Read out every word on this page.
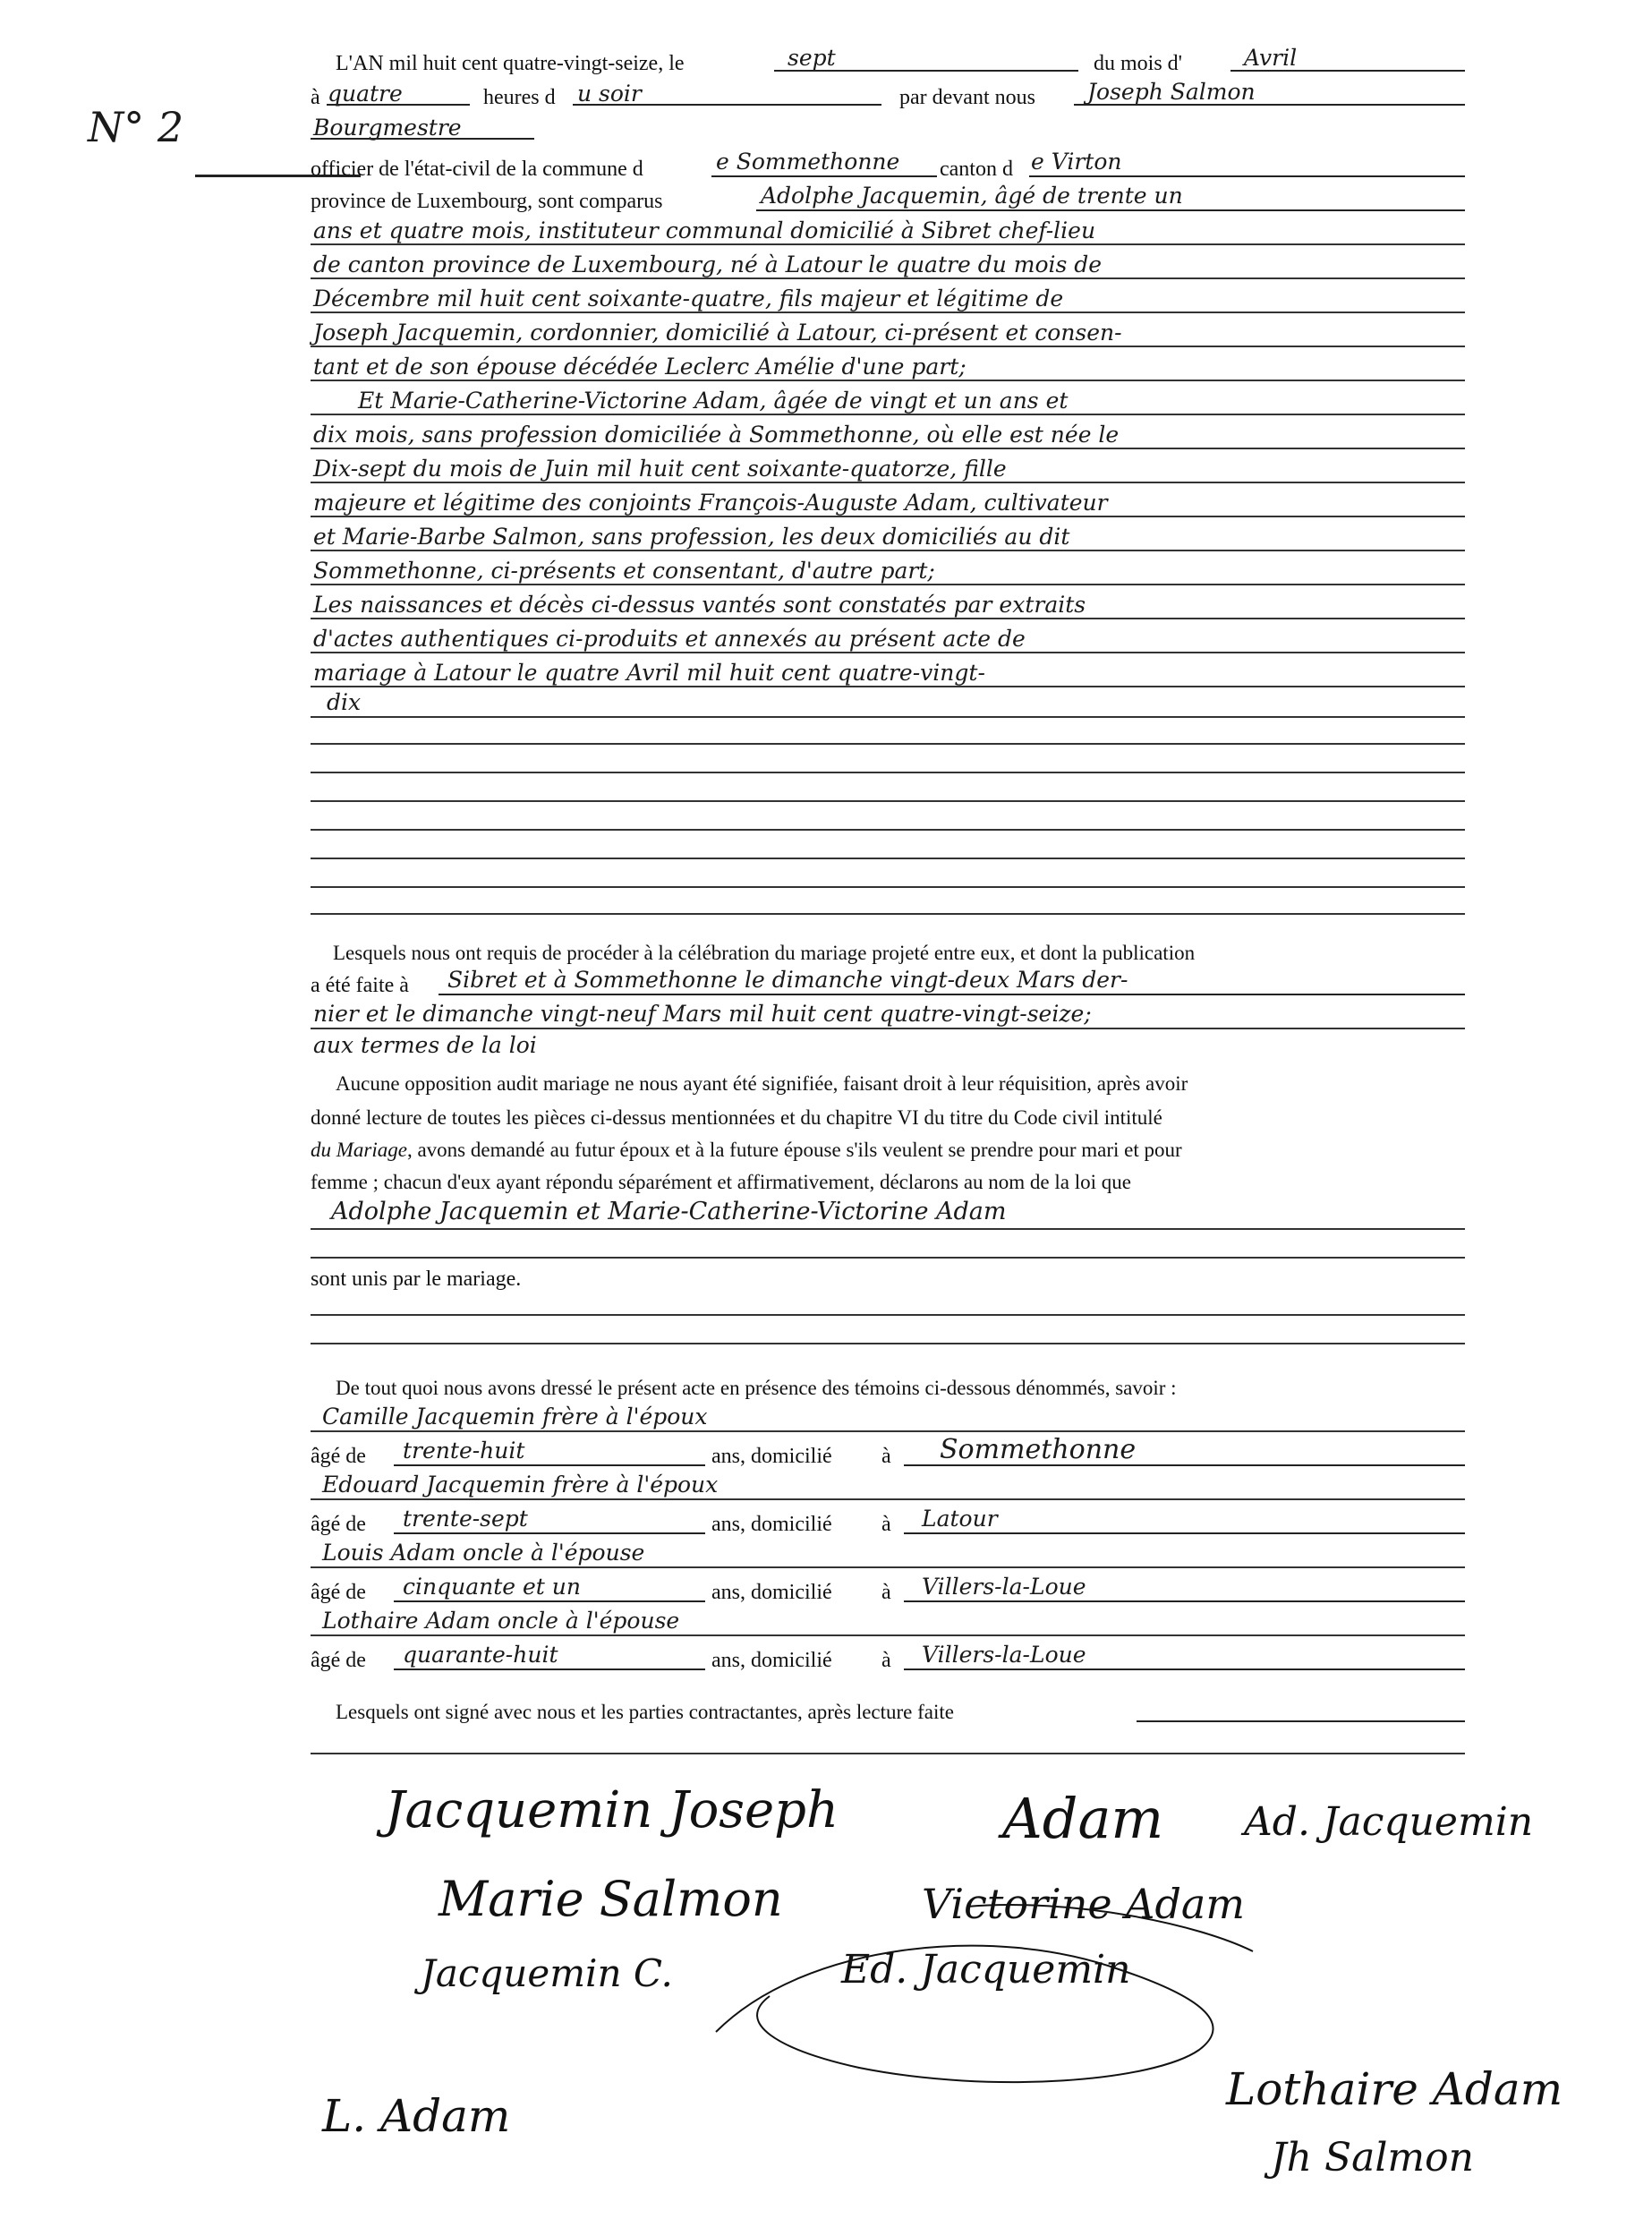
N° 2
L'AN mil huit cent quatre-vingt-seize, le	sept	du mois d'	Avril
à quatre	heures d u soir	par devant nous Joseph Salmon
Bourgmestre
officier de l'état-civil de la commune d	e Sommethonne canton d e Virton
province de Luxembourg, sont comparus	Adolphe Jacquemin, âgé de trente un
ans et quatre mois, instituteur communal domicilié à Sibret chef-lieu
de canton province de Luxembourg, né à Latour le quatre du mois de
Décembre mil huit cent soixante-quatre, fils majeur et légitime de
Joseph Jacquemin, cordonnier, domicilié à Latour, ci-présent et consen-
tant et de son épouse décédée Leclerc Amélie d'une part;
Et Marie-Catherine-Victorine Adam, âgée de vingt et un ans et
dix mois, sans profession domiciliée à Sommethonne, où elle est née le
Dix-sept du mois de Juin mil huit cent soixante-quatorze, fille
majeure et légitime des conjoints François-Auguste Adam, cultivateur
et Marie-Barbe Salmon, sans profession, les deux domiciliés au dit
Sommethonne, ci-présents et consentant, d'autre part;
Les naissances et décès ci-dessus vantés sont constatés par extraits
d'actes authentiques ci-produits et annexés au présent acte de
mariage à Latour le quatre Avril mil huit cent quatre-vingt-
dix
Lesquels nous ont requis de procéder à la célébration du mariage projeté entre eux, et dont la publication
a été faite à Sibret et à Sommethonne le dimanche vingt-deux Mars der-
nier et le dimanche vingt-neuf Mars mil huit cent quatre-vingt-seize;
aux termes de la loi
Aucune opposition audit mariage ne nous ayant été signifiée, faisant droit à leur réquisition, après avoir
donné lecture de toutes les pièces ci-dessus mentionnées et du chapitre VI du titre du Code civil intitulé
du Mariage, avons demandé au futur époux et à la future épouse s'ils veulent se prendre pour mari et pour
femme ; chacun d'eux ayant répondu séparément et affirmativement, déclarons au nom de la loi que
Adolphe Jacquemin et Marie-Catherine-Victorine Adam
sont unis par le mariage.
De tout quoi nous avons dressé le présent acte en présence des témoins ci-dessous dénommés, savoir :
Camille Jacquemin frère à l'époux
âgé de trente-huit	ans, domicilié à Sommethonne
Edouard Jacquemin frère à l'époux
âgé de trente-sept	ans, domicilié à Latour
Louis Adam oncle à l'épouse
âgé de cinquante et un	ans, domicilié à Villers-la-Loue
Lothaire Adam oncle à l'épouse
âgé de quarante-huit	ans, domicilié à Villers-la-Loue
Lesquels ont signé avec nous et les parties contractantes, après lecture faite
Jacquemin Joseph	Adam Ad. Jacquemin
Marie Salmon	Victorine Adam
Jacquemin C.	Ed. Jacquemin
L. Adam
Lothaire Adam
Jh Salmon
